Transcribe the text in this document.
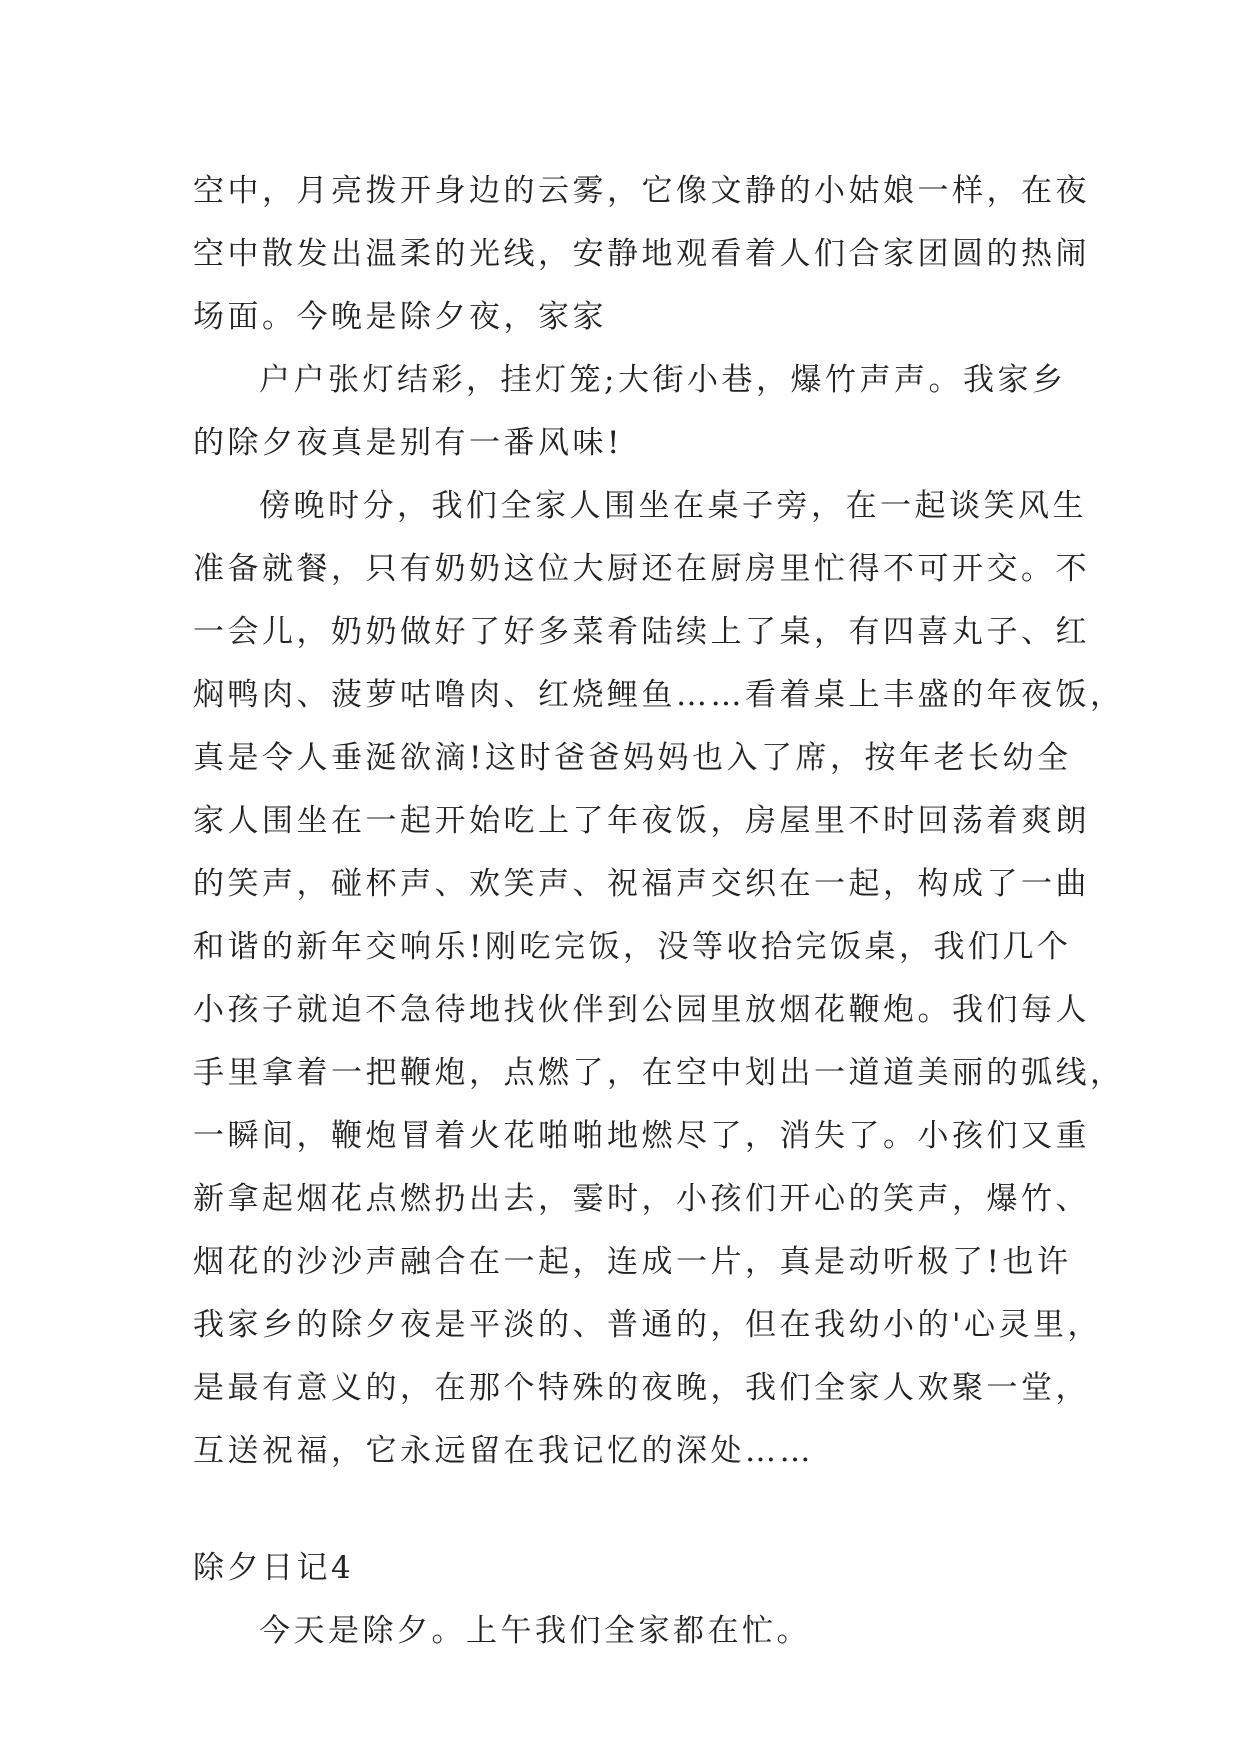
空中，月亮拨开身边的云雾，它像文静的小姑娘一样，在夜
空中散发出温柔的光线，安静地观看着人们合家团圆的热闹
场面。今晚是除夕夜，家家
户户张灯结彩，挂灯笼;大街小巷，爆竹声声。我家乡
的除夕夜真是别有一番风味!
傍晚时分，我们全家人围坐在桌子旁，在一起谈笑风生
准备就餐，只有奶奶这位大厨还在厨房里忙得不可开交。不
一会儿，奶奶做好了好多菜肴陆续上了桌，有四喜丸子、红
焖鸭肉、菠萝咕噜肉、红烧鲤鱼……看着桌上丰盛的年夜饭，
真是令人垂涎欲滴!这时爸爸妈妈也入了席，按年老长幼全
家人围坐在一起开始吃上了年夜饭，房屋里不时回荡着爽朗
的笑声，碰杯声、欢笑声、祝福声交织在一起，构成了一曲
和谐的新年交响乐!刚吃完饭，没等收拾完饭桌，我们几个
小孩子就迫不急待地找伙伴到公园里放烟花鞭炮。我们每人
手里拿着一把鞭炮，点燃了，在空中划出一道道美丽的弧线，
一瞬间，鞭炮冒着火花啪啪地燃尽了，消失了。小孩们又重
新拿起烟花点燃扔出去，霎时，小孩们开心的笑声，爆竹、
烟花的沙沙声融合在一起，连成一片，真是动听极了!也许
我家乡的除夕夜是平淡的、普通的，但在我幼小的'心灵里，
是最有意义的，在那个特殊的夜晚，我们全家人欢聚一堂，
互送祝福，它永远留在我记忆的深处……
除夕日记4
今天是除夕。上午我们全家都在忙。
